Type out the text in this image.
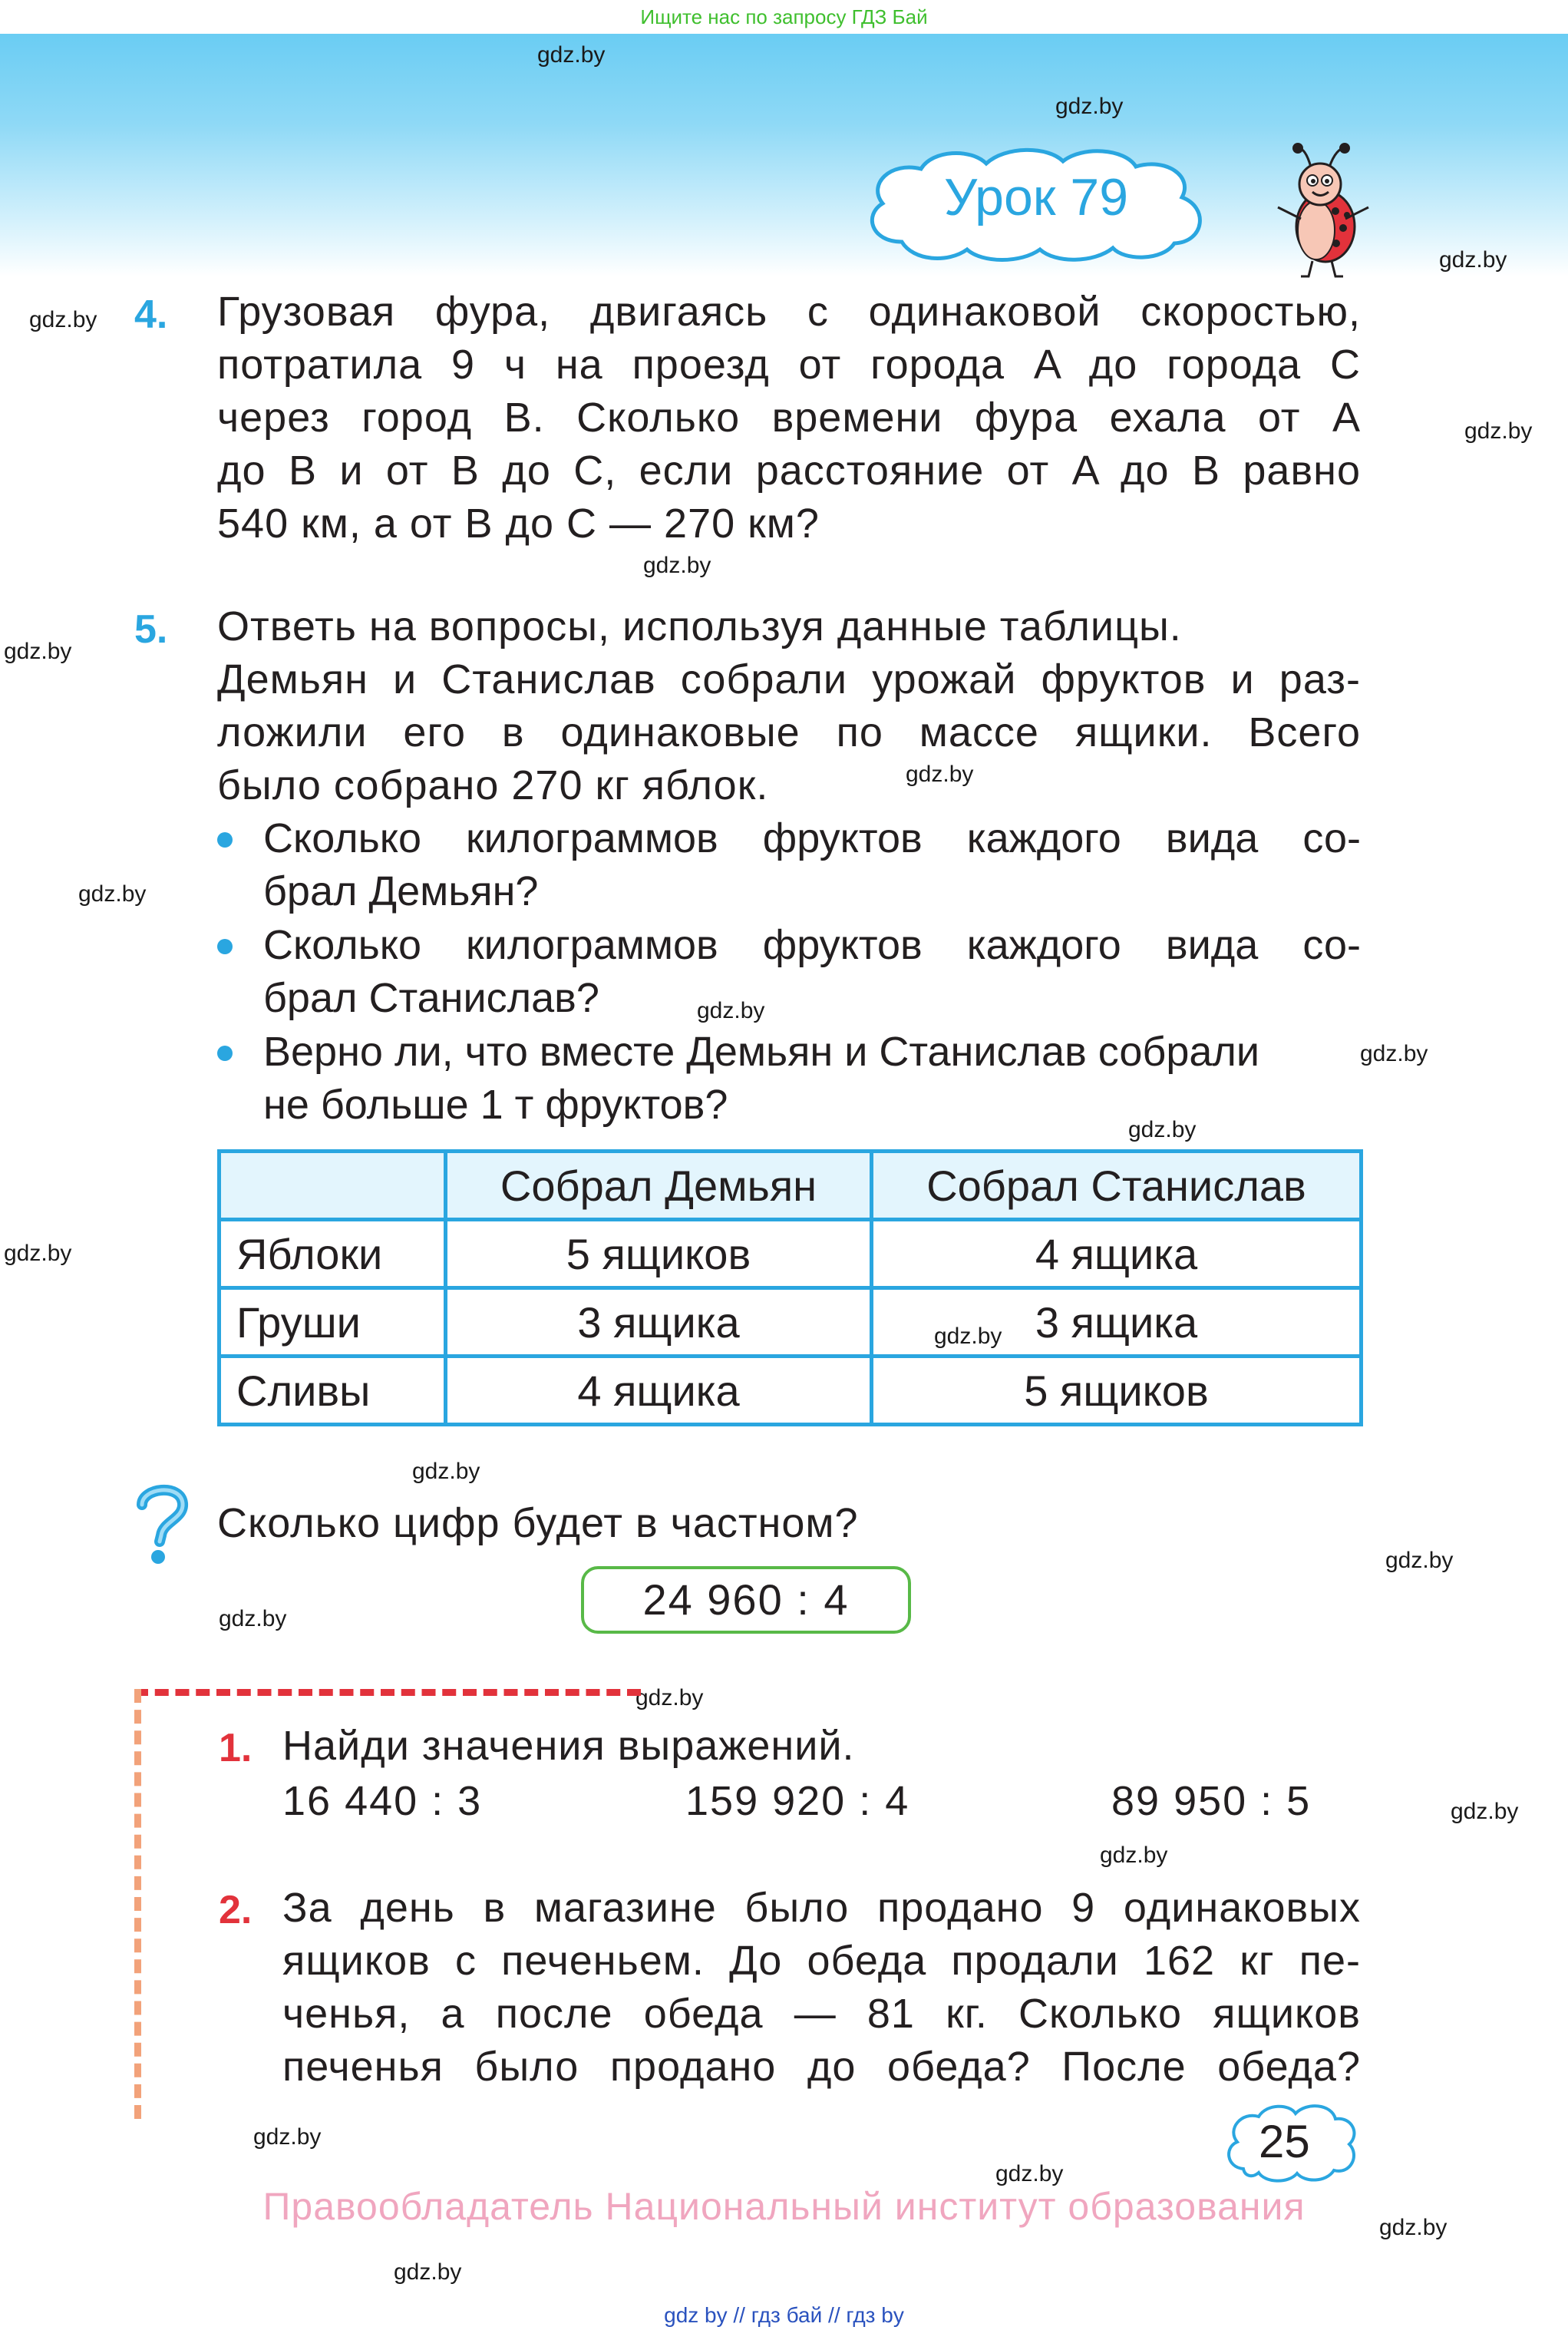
Ищите нас по запросу ГДЗ Бай
gdz.by
gdz.by
gdz.by
gdz.by
gdz.by
gdz.by
gdz.by
gdz.by
gdz.by
gdz.by
gdz.by
gdz.by
gdz.by
gdz.by
gdz.by
gdz.by
gdz.by
gdz.by
gdz.by
gdz.by
gdz.by
gdz.by
gdz.by
gdz.by
Урок 79
4. Грузовая фура, двигаясь с одинаковой скоростью,
потратила 9 ч на проезд от города A до города C
через город B. Сколько времени фура ехала от A
до B и от B до C, если расстояние от A до B равно
540 км, а от B до C — 270 км?
5. Ответь на вопросы, используя данные таблицы.
Демьян и Станислав собрали урожай фруктов и раз-
ложили его в одинаковые по массе ящики. Всего
было собрано 270 кг яблок.
Сколько килограммов фруктов каждого вида со-
брал Демьян?
Сколько килограммов фруктов каждого вида со-
брал Станислав?
Верно ли, что вместе Демьян и Станислав собрали
не больше 1 т фруктов?
	Собрал Демьян	Собрал Станислав
Яблоки	5 ящиков	4 ящика
Груши	3 ящика	3 ящика
Сливы	4 ящика	5 ящиков
Сколько цифр будет в частном?
24 960 : 4
1. Найди значения выражений.
16 440 : 3	159 920 : 4	89 950 : 5
2. За день в магазине было продано 9 одинаковых
ящиков с печеньем. До обеда продали 162 кг пе-
ченья, а после обеда — 81 кг. Сколько ящиков
печенья было продано до обеда? После обеда?
25
Правообладатель Национальный институт образования
gdz by // гдз бай // гдз by
